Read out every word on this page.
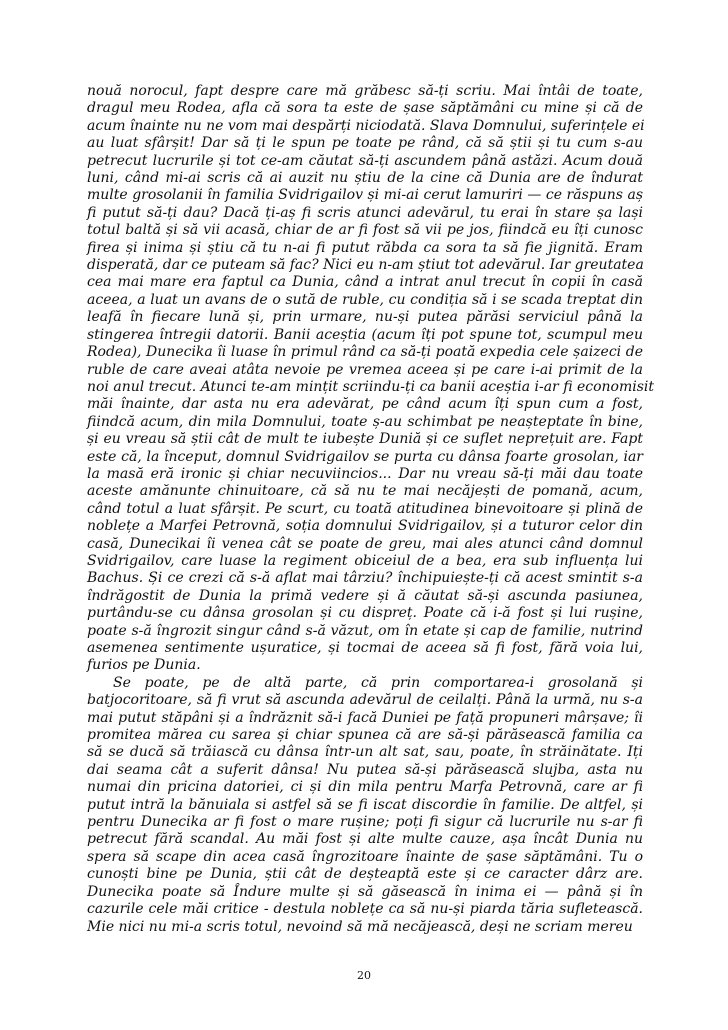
nouă norocul, fapt despre care mă grăbesc să-ți scriu. Mai întâi de toate,
dragul meu Rodea, afla că sora ta este de șase săptămâni cu mine și că de
acum înainte nu ne vom mai despărți niciodată. Slava Domnului, suferințele ei
au luat sfârșit! Dar să ți le spun pe toate pe rând, că să știi și tu cum s-au
petrecut lucrurile și tot ce-am căutat să-ți ascundem până astăzi. Acum două
luni, când mi-ai scris că ai auzit nu știu de la cine că Dunia are de îndurat
multe grosolanii în familia Svidrigailov și mi-ai cerut lamuriri — ce răspuns aș
fi putut să-ți dau? Dacă ți-aș fi scris atunci adevărul, tu erai în stare șa lași
totul baltă și să vii acasă, chiar de ar fi fost să vii pe jos, fiindcă eu îți cunosc
firea și inima și știu că tu n-ai fi putut răbda ca sora ta să fie jignită. Eram
disperată, dar ce puteam să fac? Nici eu n-am știut tot adevărul. Iar greutatea
cea mai mare era faptul ca Dunia, când a intrat anul trecut în copii în casă
aceea, a luat un avans de o sută de ruble, cu condiția să i se scada treptat din
leafă în fiecare lună și, prin urmare, nu-și putea părăsi serviciul până la
stingerea întregii datorii. Banii aceștia (acum îți pot spune tot, scumpul meu
Rodea), Dunecika îi luase în primul rând ca să-ți poată expedia cele șaizeci de
ruble de care aveai atâta nevoie pe vremea aceea și pe care i-ai primit de la
noi anul trecut. Atunci te-am mințit scriindu-ți ca banii aceștia i-ar fi economisit
măi înainte, dar asta nu era adevărat, pe când acum îți spun cum a fost,
fiindcă acum, din mila Domnului, toate ș-au schimbat pe neașteptate în bine,
și eu vreau să știi cât de mult te iubește Duniă și ce suflet neprețuit are. Fapt
este că, la început, domnul Svidrigailov se purta cu dânsa foarte grosolan, iar
la masă eră ironic și chiar necuviincios... Dar nu vreau să-ți măi dau toate
aceste amănunte chinuitoare, că să nu te mai necăjești de pomană, acum,
când totul a luat sfârșit. Pe scurt, cu toată atitudinea binevoitoare și plină de
noblețe a Marfei Petrovnă, soția domnului Svidrigailov, și a tuturor celor din
casă, Dunecikai îi venea cât se poate de greu, mai ales atunci când domnul
Svidrigailov, care luase la regiment obiceiul de a bea, era sub influența lui
Bachus. Și ce crezi că s-ă aflat mai târziu? închipuiește-ți că acest smintit s-a
îndrăgostit de Dunia la primă vedere și ă căutat să-și ascunda pasiunea,
purtându-se cu dânsa grosolan și cu dispreț. Poate că i-ă fost și lui rușine,
poate s-ă îngrozit singur când s-ă văzut, om în etate și cap de familie, nutrind
asemenea sentimente ușuratice, și tocmai de aceea să fi fost, fără voia lui,
furios pe Dunia.
Se poate, pe de altă parte, că prin comportarea-i grosolană și
batjocoritoare, să fi vrut să ascunda adevărul de ceilalți. Până la urmă, nu s-a
mai putut stăpâni și a îndrăznit să-i facă Duniei pe față propuneri mârșave; îi
promitea mărea cu sarea și chiar spunea că are să-și părăsească familia ca
să se ducă să trăiască cu dânsa într-un alt sat, sau, poate, în străinătate. Iți
dai seama cât a suferit dânsa! Nu putea să-și părăsească slujba, asta nu
numai din pricina datoriei, ci și din mila pentru Marfa Petrovnă, care ar fi
putut intră la bănuiala si astfel să se fi iscat discordie în familie. De altfel, și
pentru Dunecika ar fi fost o mare rușine; poți fi sigur că lucrurile nu s-ar fi
petrecut fără scandal. Au măi fost și alte multe cauze, așa încât Dunia nu
spera să scape din acea casă îngrozitoare înainte de șase săptămâni. Tu o
cunoști bine pe Dunia, știi cât de deșteaptă este și ce caracter dârz are.
Dunecika poate să Îndure multe și să găsească în inima ei — până și în
cazurile cele măi critice - destula noblețe ca să nu-și piarda tăria sufletească.
Mie nici nu mi-a scris totul, nevoind să mă necăjească, deși ne scriam mereu
20
